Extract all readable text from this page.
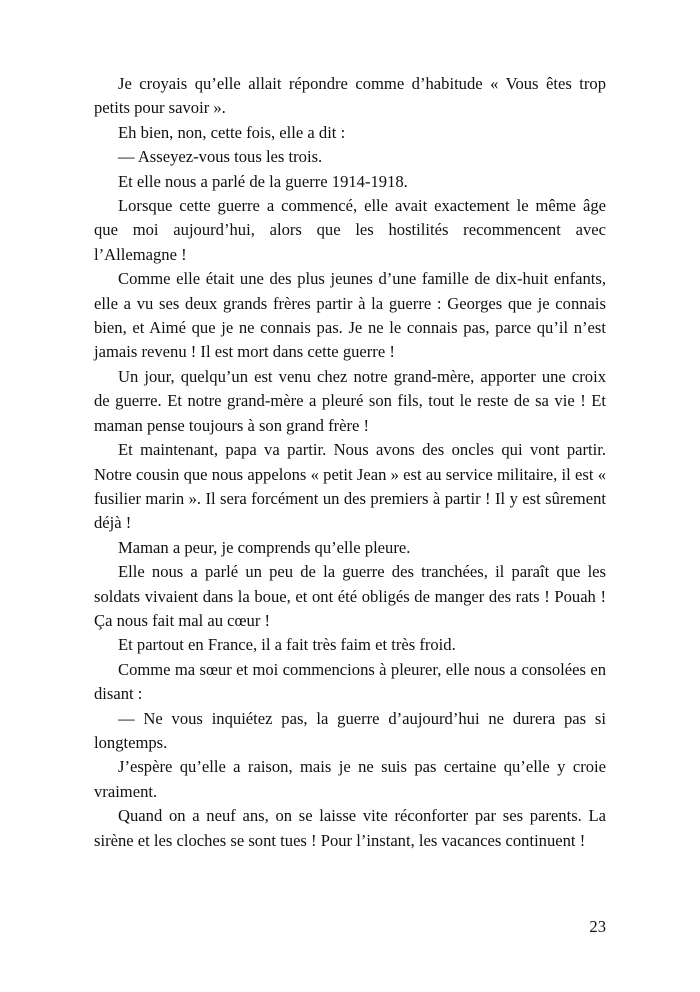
Je croyais qu’elle allait répondre comme d’habitude « Vous êtes trop petits pour savoir ».

Eh bien, non, cette fois, elle a dit :

— Asseyez-vous tous les trois.

Et elle nous a parlé de la guerre 1914-1918.

Lorsque cette guerre a commencé, elle avait exactement le même âge que moi aujourd’hui, alors que les hostilités recommencent avec l’Allemagne !

Comme elle était une des plus jeunes d’une famille de dix-huit enfants, elle a vu ses deux grands frères partir à la guerre : Georges que je connais bien, et Aimé que je ne connais pas. Je ne le connais pas, parce qu’il n’est jamais revenu ! Il est mort dans cette guerre !

Un jour, quelqu’un est venu chez notre grand-mère, apporter une croix de guerre. Et notre grand-mère a pleuré son fils, tout le reste de sa vie ! Et maman pense toujours à son grand frère !

Et maintenant, papa va partir. Nous avons des oncles qui vont partir. Notre cousin que nous appelons « petit Jean » est au service militaire, il est « fusilier marin ». Il sera forcément un des premiers à partir ! Il y est sûrement déjà !

Maman a peur, je comprends qu’elle pleure.

Elle nous a parlé un peu de la guerre des tranchées, il paraît que les soldats vivaient dans la boue, et ont été obligés de manger des rats ! Pouah ! Ça nous fait mal au cœur !

Et partout en France, il a fait très faim et très froid.

Comme ma sœur et moi commencions à pleurer, elle nous a consolées en disant :

— Ne vous inquiétez pas, la guerre d’aujourd’hui ne durera pas si longtemps.

J’espère qu’elle a raison, mais je ne suis pas certaine qu’elle y croie vraiment.

Quand on a neuf ans, on se laisse vite réconforter par ses parents. La sirène et les cloches se sont tues ! Pour l’instant, les vacances continuent !

23
